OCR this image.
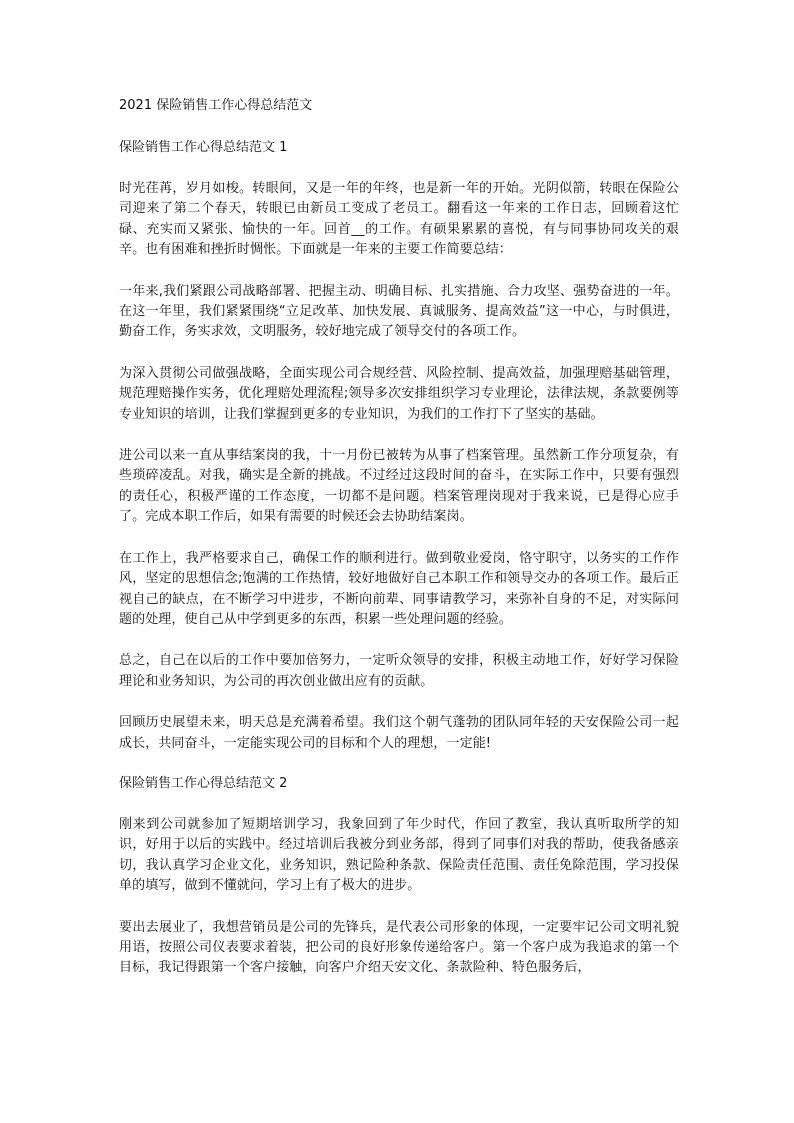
2021 保险销售工作心得总结范文

保险销售工作心得总结范文 1

时光荏苒，岁月如梭。转眼间，又是一年的年终，也是新一年的开始。光阴似箭，转眼在保险公司迎来了第二个春天，转眼已由新员工变成了老员工。翻看这一年来的工作日志，回顾着这忙碌、充实而又紧张、愉快的一年。回首__的工作。有硕果累累的喜悦，有与同事协同攻关的艰辛。也有困难和挫折时惆怅。下面就是一年来的主要工作简要总结：

一年来,我们紧跟公司战略部署、把握主动、明确目标、扎实措施、合力攻坚、强势奋进的一年。在这一年里，我们紧紧围绕“立足改革、加快发展、真诚服务、提高效益”这一中心，与时俱进，勤奋工作，务实求效，文明服务，较好地完成了领导交付的各项工作。

为深入贯彻公司做强战略，全面实现公司合规经营、风险控制、提高效益，加强理赔基础管理，规范理赔操作实务，优化理赔处理流程;领导多次安排组织学习专业理论，法律法规，条款要例等专业知识的培训，让我们掌握到更多的专业知识，为我们的工作打下了坚实的基础。

进公司以来一直从事结案岗的我，十一月份已被转为从事了档案管理。虽然新工作分项复杂，有些琐碎凌乱。对我，确实是全新的挑战。不过经过这段时间的奋斗，在实际工作中，只要有强烈的责任心，积极严谨的工作态度，一切都不是问题。档案管理岗现对于我来说，已是得心应手了。完成本职工作后，如果有需要的时候还会去协助结案岗。

在工作上，我严格要求自己，确保工作的顺利进行。做到敬业爱岗，恪守职守，以务实的工作作风，坚定的思想信念;饱满的工作热情，较好地做好自己本职工作和领导交办的各项工作。最后正视自己的缺点，在不断学习中进步，不断向前辈、同事请教学习，来弥补自身的不足，对实际问题的处理，使自己从中学到更多的东西，积累一些处理问题的经验。

总之，自己在以后的工作中要加倍努力，一定听众领导的安排，积极主动地工作，好好学习保险理论和业务知识，为公司的再次创业做出应有的贡献。

回顾历史展望未来，明天总是充满着希望。我们这个朝气蓬勃的团队同年轻的天安保险公司一起成长，共同奋斗，一定能实现公司的目标和个人的理想，一定能!

保险销售工作心得总结范文 2

刚来到公司就参加了短期培训学习，我象回到了年少时代，作回了教室，我认真听取所学的知识，好用于以后的实践中。经过培训后我被分到业务部，得到了同事们对我的帮助，使我备感亲切，我认真学习企业文化，业务知识，熟记险种条款、保险责任范围、责任免除范围，学习投保单的填写，做到不懂就问，学习上有了极大的进步。

要出去展业了，我想营销员是公司的先锋兵，是代表公司形象的体现，一定要牢记公司文明礼貌用语，按照公司仪表要求着装，把公司的良好形象传递给客户。第一个客户成为我追求的第一个目标，我记得跟第一个客户接触，向客户介绍天安文化、条款险种、特色服务后，
